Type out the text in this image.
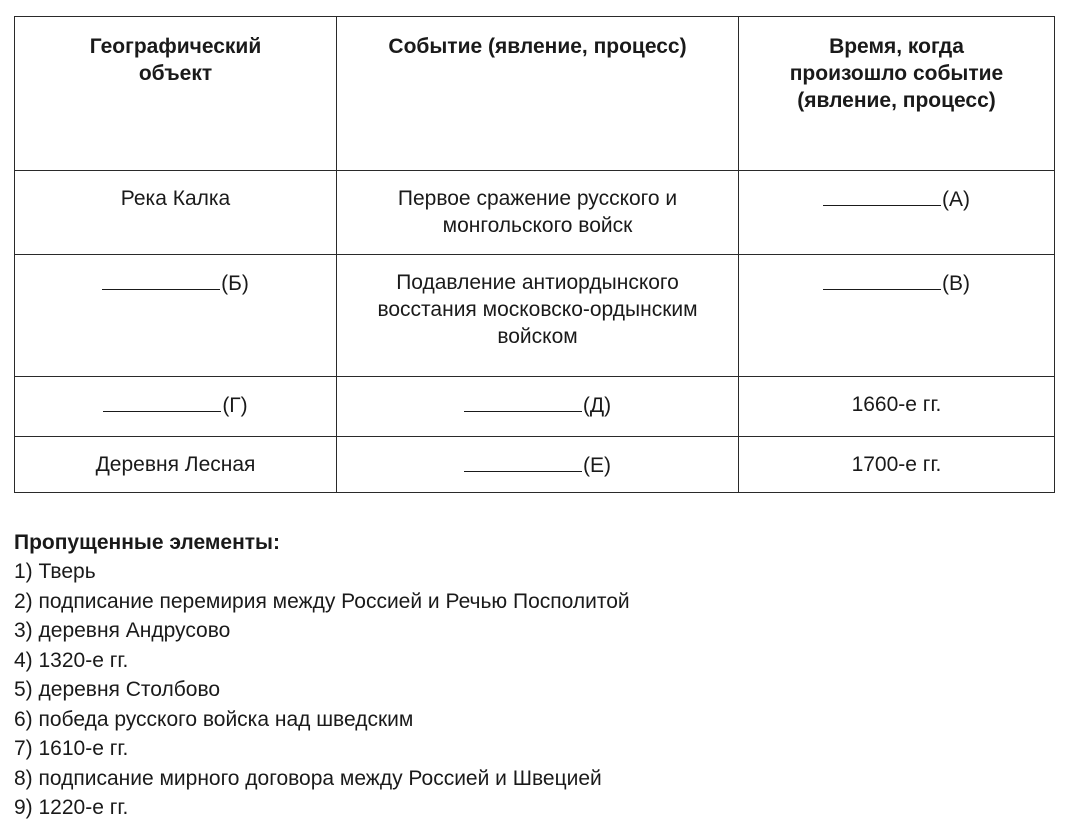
Географический объект	Событие (явление, процесс)	Время, когда произошло событие (явление, процесс)
Река Калка	Первое сражение русского и монгольского войск	(А)
(Б)	Подавление антиордынского восстания московско-ордынским войском	(В)
(Г)	(Д)	1660-е гг.
Деревня Лесная	(Е)	1700-е гг.

Пропущенные элементы:

1) Тверь
2) подписание перемирия между Россией и Речью Посполитой
3) деревня Андрусово
4) 1320-е гг.
5) деревня Столбово
6) победа русского войска над шведским
7) 1610-е гг.
8) подписание мирного договора между Россией и Швецией
9) 1220-е гг.
